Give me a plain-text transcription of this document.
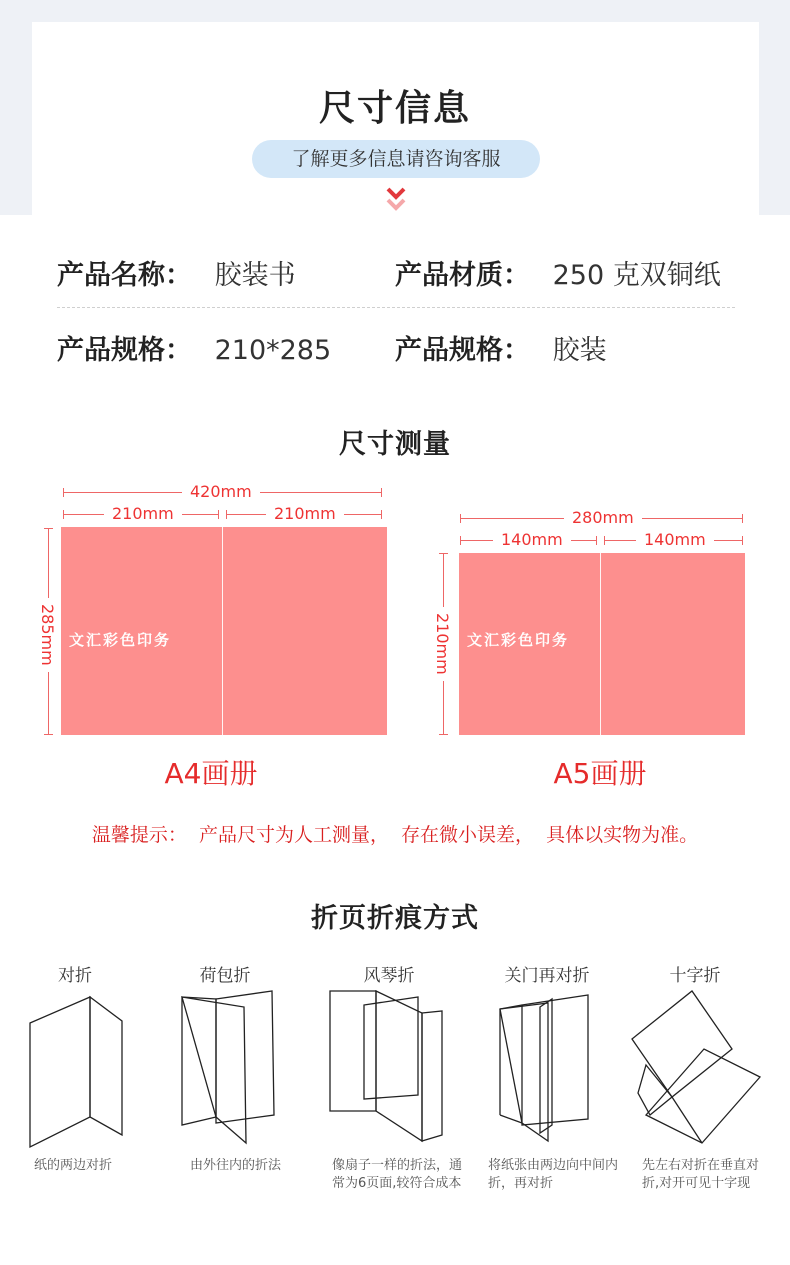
尺寸信息
了解更多信息请咨询客服
产品名称： 胶装书	产品材质： 250 克双铜纸
产品规格： 210*285 产品规格： 胶装
尺寸测量
420mm
210mm	210mm
285mm 文汇彩色印务
A4画册
280mm
140mm	140mm
210mm 文汇彩色印务
A5画册
温馨提示：  产品尺寸为人工测量，  存在微小误差，  具体以实物为准。
折页折痕方式
对折
纸的两边对折
荷包折
由外往内的折法
风琴折
像扇子一样的折法，通常为6页面,较符合成本
关门再对折
将纸张由两边向中间内折，再对折
十字折
先左右对折在垂直对折,对开可见十字现
